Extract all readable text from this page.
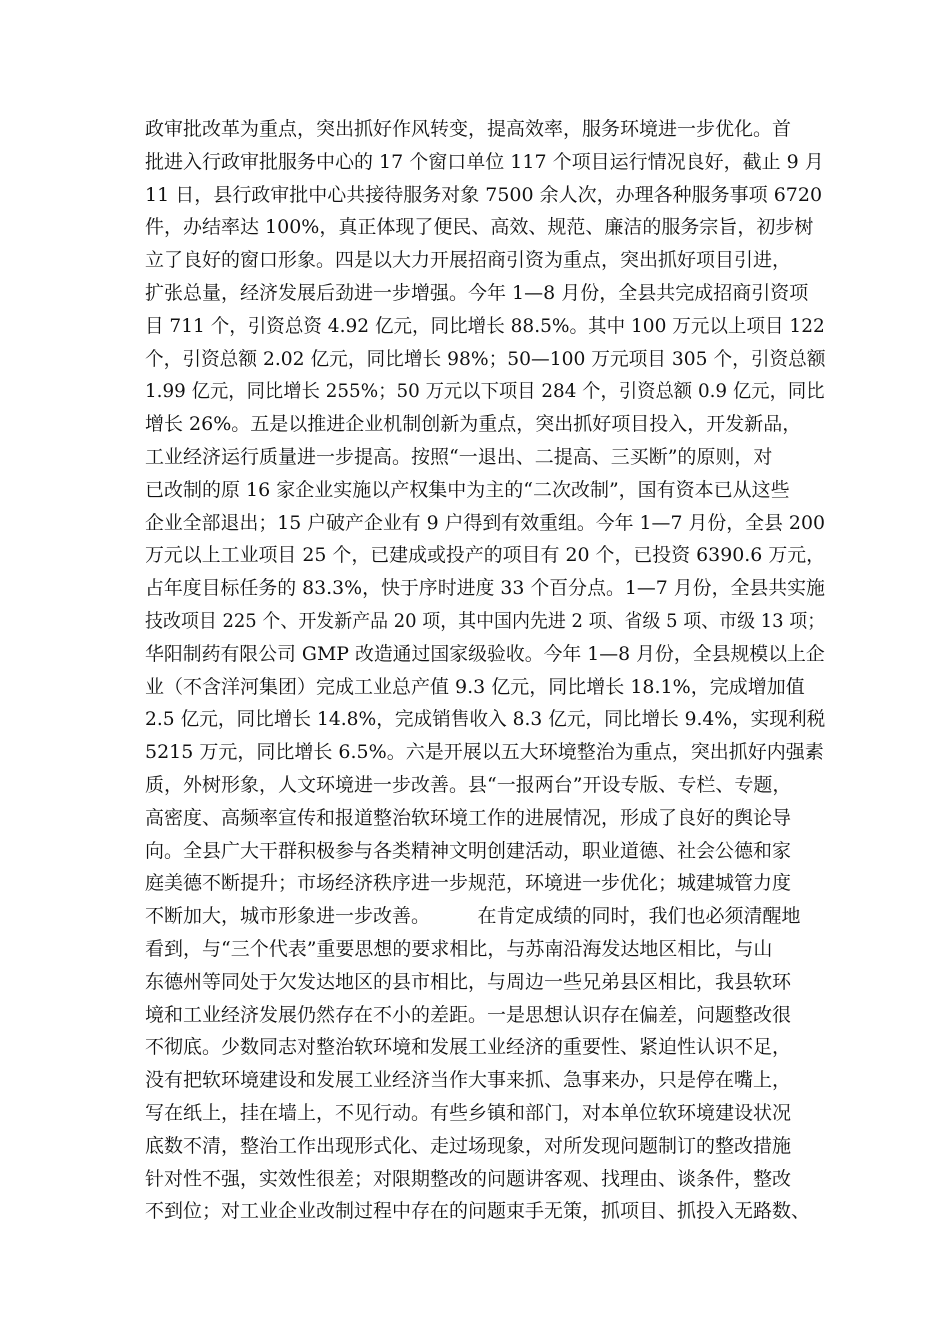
政审批改革为重点，突出抓好作风转变，提高效率，服务环境进一步优化。首
批进入行政审批服务中心的 17 个窗口单位 117 个项目运行情况良好，截止 9 月
11 日，县行政审批中心共接待服务对象 7500 余人次，办理各种服务事项 6720
件，办结率达 100%，真正体现了便民、高效、规范、廉洁的服务宗旨，初步树
立了良好的窗口形象。四是以大力开展招商引资为重点，突出抓好项目引进，
扩张总量，经济发展后劲进一步增强。今年 1—8 月份，全县共完成招商引资项
目 711 个，引资总资 4.92 亿元，同比增长 88.5%。其中 100 万元以上项目 122
个，引资总额 2.02 亿元，同比增长 98%；50—100 万元项目 305 个，引资总额
1.99 亿元，同比增长 255%；50 万元以下项目 284 个，引资总额 0.9 亿元，同比
增长 26%。五是以推进企业机制创新为重点，突出抓好项目投入，开发新品，
工业经济运行质量进一步提高。按照“一退出、二提高、三买断”的原则，对
已改制的原 16 家企业实施以产权集中为主的“二次改制”，国有资本已从这些
企业全部退出；15 户破产企业有 9 户得到有效重组。今年 1—7 月份，全县 200
万元以上工业项目 25 个，已建成或投产的项目有 20 个，已投资 6390.6 万元，
占年度目标任务的 83.3%，快于序时进度 33 个百分点。1—7 月份，全县共实施
技改项目 225 个、开发新产品 20 项，其中国内先进 2 项、省级 5 项、市级 13 项；
华阳制药有限公司 GMP 改造通过国家级验收。今年 1—8 月份，全县规模以上企
业（不含洋河集团）完成工业总产值 9.3 亿元，同比增长 18.1%，完成增加值
2.5 亿元，同比增长 14.8%，完成销售收入 8.3 亿元，同比增长 9.4%，实现利税
5215 万元，同比增长 6.5%。六是开展以五大环境整治为重点，突出抓好内强素
质，外树形象，人文环境进一步改善。县“一报两台”开设专版、专栏、专题，
高密度、高频率宣传和报道整治软环境工作的进展情况，形成了良好的舆论导
向。全县广大干群积极参与各类精神文明创建活动，职业道德、社会公德和家
庭美德不断提升；市场经济秩序进一步规范，环境进一步优化；城建城管力度
不断加大，城市形象进一步改善。　　　在肯定成绩的同时，我们也必须清醒地
看到，与“三个代表”重要思想的要求相比，与苏南沿海发达地区相比，与山
东德州等同处于欠发达地区的县市相比，与周边一些兄弟县区相比，我县软环
境和工业经济发展仍然存在不小的差距。一是思想认识存在偏差，问题整改很
不彻底。少数同志对整治软环境和发展工业经济的重要性、紧迫性认识不足，
没有把软环境建设和发展工业经济当作大事来抓、急事来办，只是停在嘴上，
写在纸上，挂在墙上，不见行动。有些乡镇和部门，对本单位软环境建设状况
底数不清，整治工作出现形式化、走过场现象，对所发现问题制订的整改措施
针对性不强，实效性很差；对限期整改的问题讲客观、找理由、谈条件，整改
不到位；对工业企业改制过程中存在的问题束手无策，抓项目、抓投入无路数、
